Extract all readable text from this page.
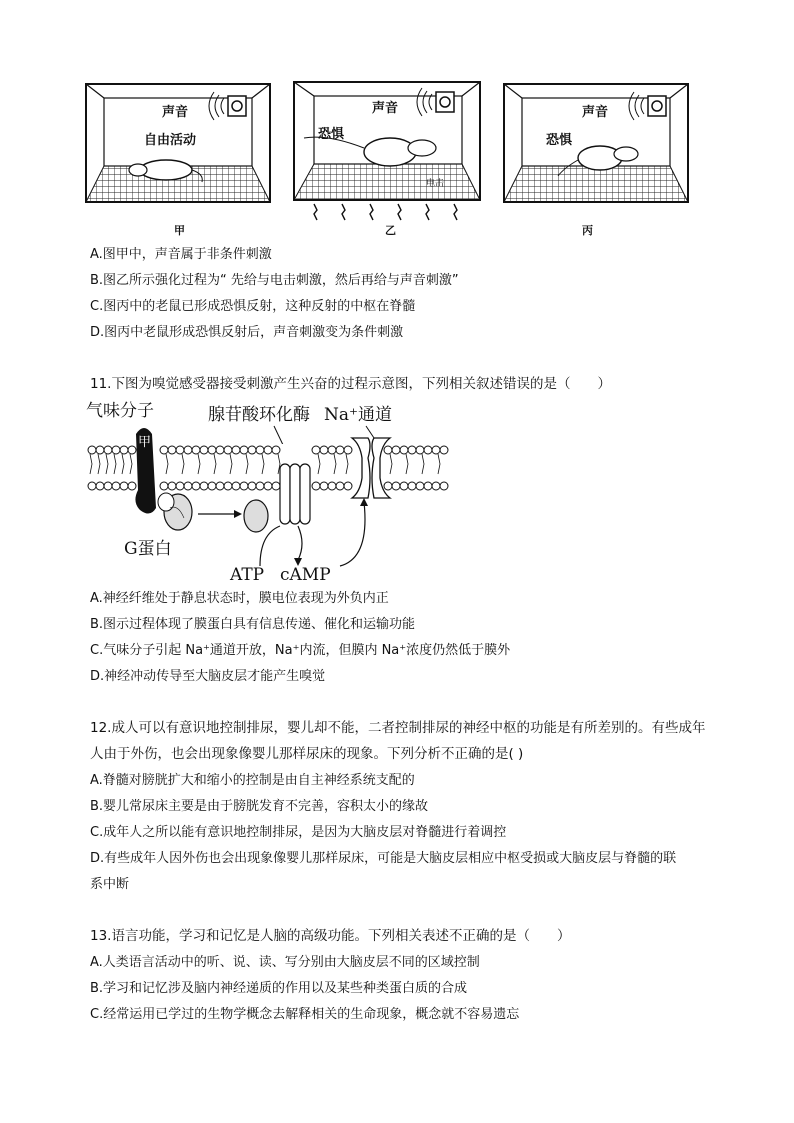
声音
自由活动
声音
恐惧
电击
声音
恐惧
甲	乙	丙
A.图甲中，声音属于非条件刺激
B.图乙所示强化过程为“ 先给与电击刺激，然后再给与声音刺激”
C.图丙中的老鼠已形成恐惧反射，这种反射的中枢在脊髓
D.图丙中老鼠形成恐惧反射后，声音刺激变为条件刺激
11.下图为嗅觉感受器接受刺激产生兴奋的过程示意图，下列相关叙述错误的是（　　）
气味分子	腺苷酸环化酶 Na⁺通道
甲
G蛋白
ATP cAMP
A.神经纤维处于静息状态时，膜电位表现为外负内正
B.图示过程体现了膜蛋白具有信息传递、催化和运输功能
C.气味分子引起 Na⁺通道开放，Na⁺内流，但膜内 Na⁺浓度仍然低于膜外
D.神经冲动传导至大脑皮层才能产生嗅觉
12.成人可以有意识地控制排尿，婴儿却不能，二者控制排尿的神经中枢的功能是有所差别的。有些成年
人由于外伤，也会出现象像婴儿那样尿床的现象。下列分析不正确的是( )
A.脊髓对膀胱扩大和缩小的控制是由自主神经系统支配的
B.婴儿常尿床主要是由于膀胱发育不完善，容积太小的缘故
C.成年人之所以能有意识地控制排尿，是因为大脑皮层对脊髓进行着调控
D.有些成年人因外伤也会出现象像婴儿那样尿床，可能是大脑皮层相应中枢受损或大脑皮层与脊髓的联
系中断
13.语言功能，学习和记忆是人脑的高级功能。下列相关表述不正确的是（　　）
A.人类语言活动中的听、说、读、写分别由大脑皮层不同的区域控制
B.学习和记忆涉及脑内神经递质的作用以及某些种类蛋白质的合成
C.经常运用已学过的生物学概念去解释相关的生命现象，概念就不容易遗忘
